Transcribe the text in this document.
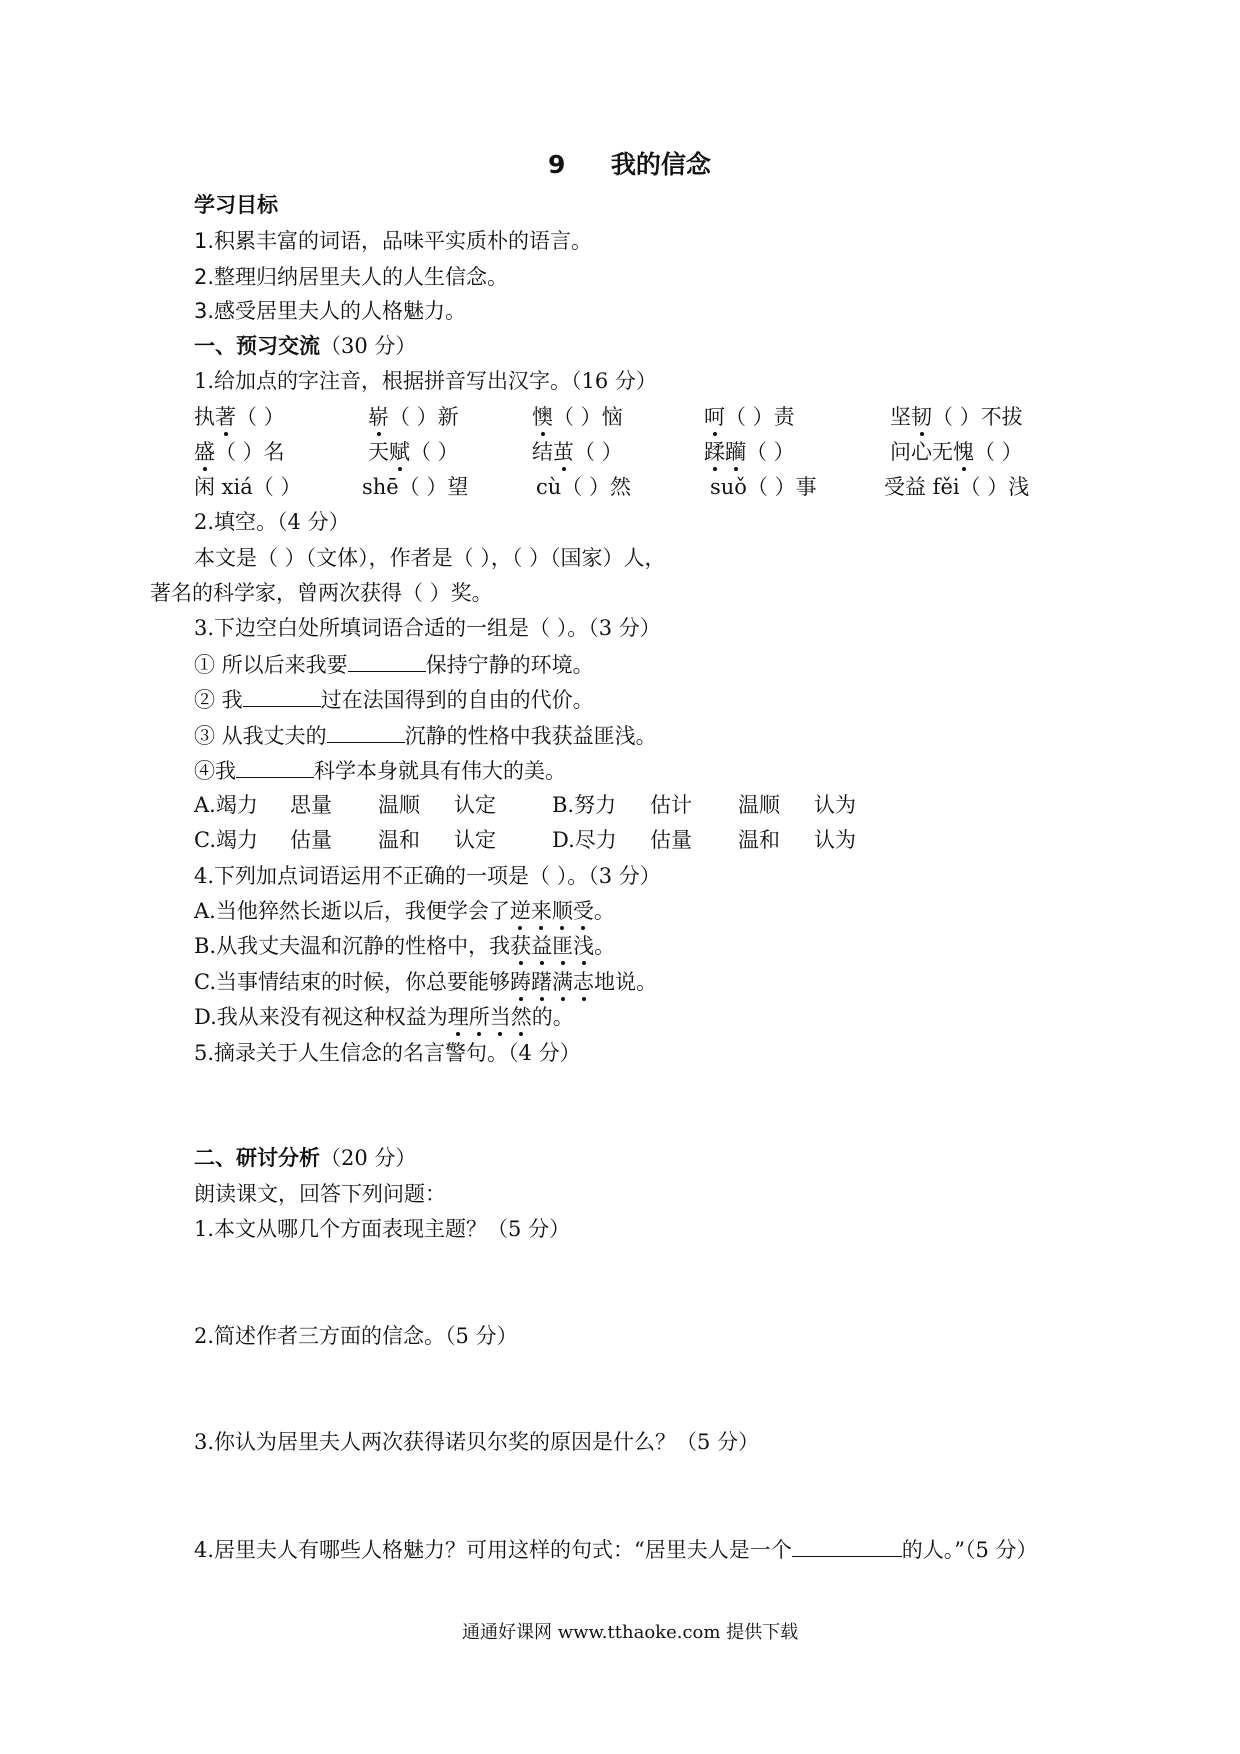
9 我的信念
学习目标
1.积累丰富的词语，品味平实质朴的语言。
2.整理归纳居里夫人的人生信念。
3.感受居里夫人的人格魅力。
一、预习交流（30 分）
1.给加点的字注音，根据拼音写出汉字。（16 分）
执著（ ）	崭（ ）新	懊（ ）恼	呵（ ）责	坚韧（ ）不拔
盛（ ）名	天赋（ ）	结茧（ ）	蹂躏（ ）	问心无愧（ ）
闲 xiá（ ）	shē（ ）望	cù（ ）然	suǒ（ ）事	受益 fěi（ ）浅
2.填空。（4 分）
本文是（ ）（文体），作者是（ ），（ ）（国家）人，
著名的科学家，曾两次获得（ ）奖。
3.下边空白处所填词语合适的一组是（ ）。（3 分）
① 所以后来我要	保持宁静的环境。
② 我	过在法国得到的自由的代价。
③ 从我丈夫的	沉静的性格中我获益匪浅。
④我	科学本身就具有伟大的美。
A.竭力 思量 温顺 认定	B.努力 估计 温顺 认为
C.竭力 估量 温和 认定	D.尽力 估量 温和 认为
4.下列加点词语运用不正确的一项是（ ）。（3 分）
A.当他猝然长逝以后，我便学会了逆来顺受。
B.从我丈夫温和沉静的性格中，我获益匪浅。
C.当事情结束的时候，你总要能够踌躇满志地说。
D.我从来没有视这种权益为理所当然的。
5.摘录关于人生信念的名言警句。（4 分）
二、研讨分析（20 分）
朗读课文，回答下列问题：
1.本文从哪几个方面表现主题？（5 分）
2.简述作者三方面的信念。（5 分）
3.你认为居里夫人两次获得诺贝尔奖的原因是什么？（5 分）
4.居里夫人有哪些人格魅力？可用这样的句式：“居里夫人是一个	的人。”（5 分）
通通好课网 www.tthaoke.com 提供下载
